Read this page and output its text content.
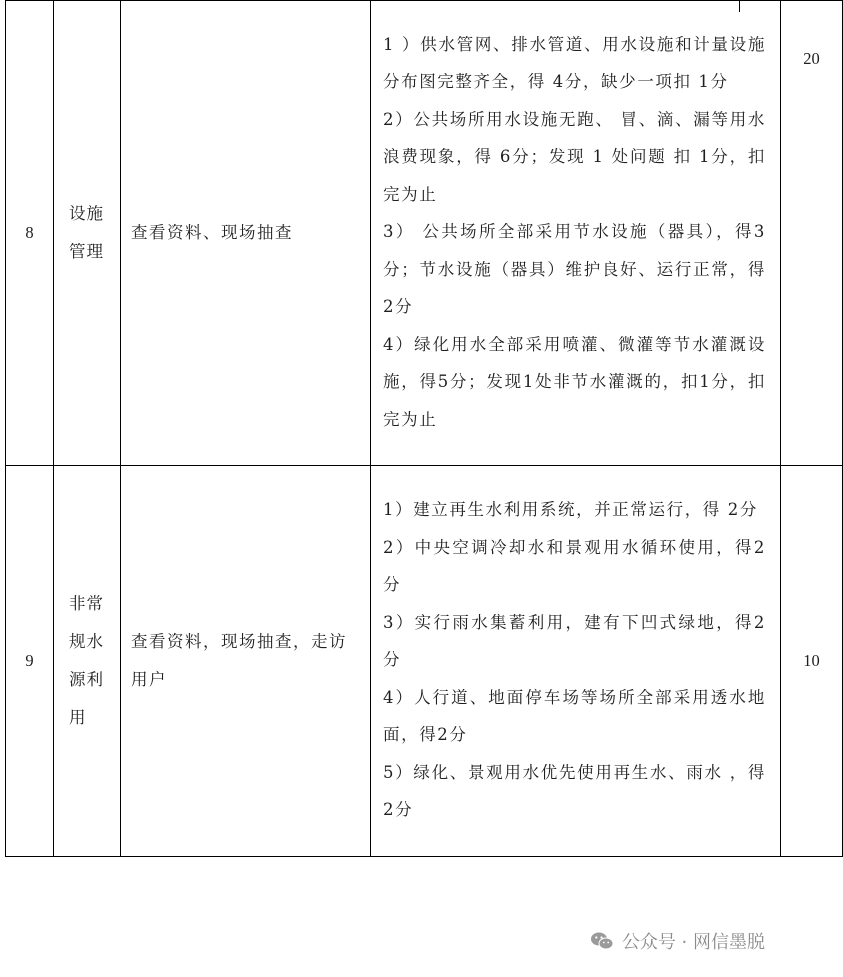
8	设施管理	查看资料、现场抽查	1 ）供水管网、排水管道、用水设施和计量设施分布图完整齐全，得 4分，缺少一项扣 1分
2）公共场所用水设施无跑、 冒、滴、漏等用水浪费现象，得 6分；发现 1 处问题 扣 1分，扣完为止
3） 公共场所全部采用节水设施（器具），得3分；节水设施（器具）维护良好、运行正常，得2分
4）绿化用水全部采用喷灌、微灌等节水灌溉设施，得5分；发现1处非节水灌溉的，扣1分，扣完为止	20
9	非常规水源利用	查看资料，现场抽查，走访用户	1）建立再生水利用系统，并正常运行，得 2分
2）中央空调冷却水和景观用水循环使用，得2分
3）实行雨水集蓄利用，建有下凹式绿地，得2分
4）人行道、地面停车场等场所全部采用透水地面，得2分
5）绿化、景观用水优先使用再生水、雨水 ，得2分	10
公众号 · 网信墨脱
